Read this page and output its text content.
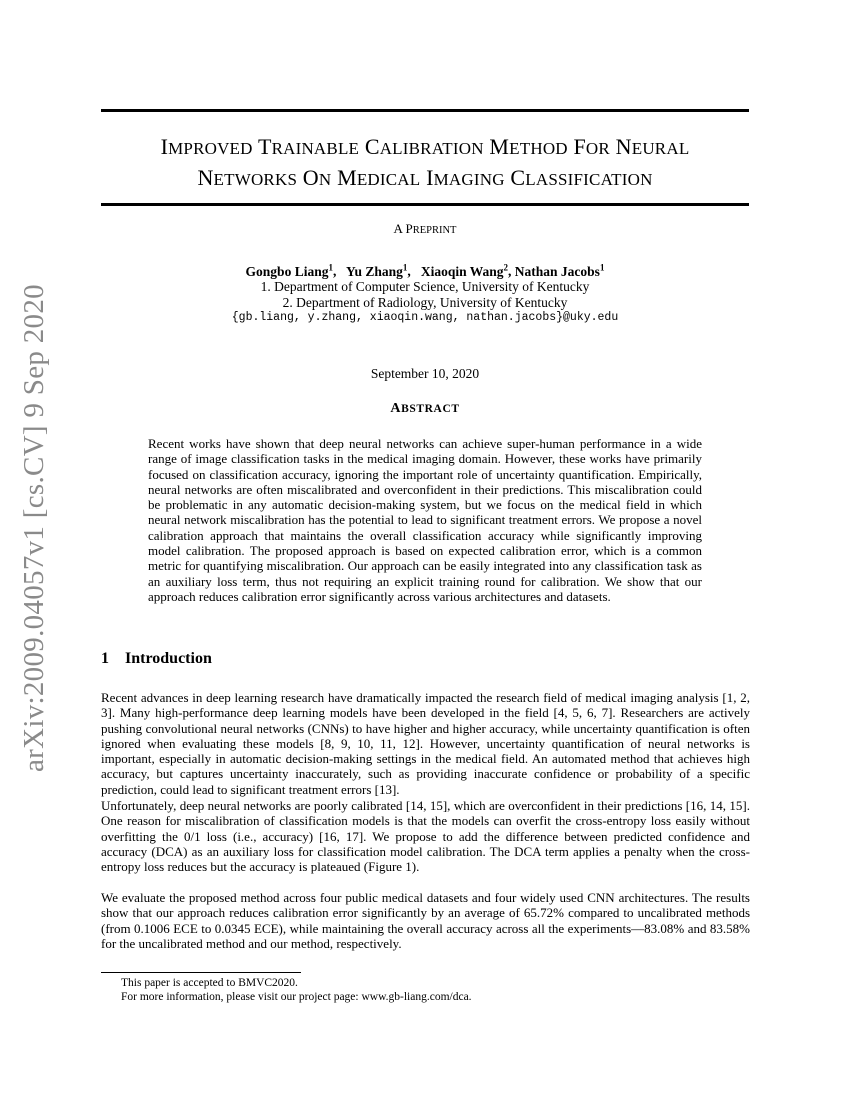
arXiv:2009.04057v1 [cs.CV] 9 Sep 2020
IMPROVED TRAINABLE CALIBRATION METHOD FOR NEURAL
NETWORKS ON MEDICAL IMAGING CLASSIFICATION
A PREPRINT
Gongbo Liang$^1$,   Yu Zhang$^1$,   Xiaoqin Wang$^2$, Nathan Jacobs$^1$
1. Department of Computer Science, University of Kentucky
2. Department of Radiology, University of Kentucky
{gb.liang, y.zhang, xiaoqin.wang, nathan.jacobs}@uky.edu
September 10, 2020
ABSTRACT
Recent works have shown that deep neural networks can achieve super-human performance in a wide range of image classification tasks in the medical imaging domain. However, these works have primarily focused on classification accuracy, ignoring the important role of uncertainty quantification. Empirically, neural networks are often miscalibrated and overconfident in their predictions. This miscalibration could be problematic in any automatic decision-making system, but we focus on the medical field in which neural network miscalibration has the potential to lead to significant treatment errors. We propose a novel calibration approach that maintains the overall classification accuracy while significantly improving model calibration. The proposed approach is based on expected calibration error, which is a common metric for quantifying miscalibration. Our approach can be easily integrated into any classification task as an auxiliary loss term, thus not requiring an explicit training round for calibration. We show that our approach reduces calibration error significantly across various architectures and datasets.
1 Introduction
Recent advances in deep learning research have dramatically impacted the research field of medical imaging analysis [1, 2, 3]. Many high-performance deep learning models have been developed in the field [4, 5, 6, 7]. Researchers are actively pushing convolutional neural networks (CNNs) to have higher and higher accuracy, while uncertainty quantification is often ignored when evaluating these models [8, 9, 10, 11, 12]. However, uncertainty quantification of neural networks is important, especially in automatic decision-making settings in the medical field. An automated method that achieves high accuracy, but captures uncertainty inaccurately, such as providing inaccurate confidence or probability of a specific prediction, could lead to significant treatment errors [13].
Unfortunately, deep neural networks are poorly calibrated [14, 15], which are overconfident in their predictions [16, 14, 15]. One reason for miscalibration of classification models is that the models can overfit the cross-entropy loss easily without overfitting the 0/1 loss (i.e., accuracy) [16, 17]. We propose to add the difference between predicted confidence and accuracy (DCA) as an auxiliary loss for classification model calibration. The DCA term applies a penalty when the cross-entropy loss reduces but the accuracy is plateaued (Figure 1).
We evaluate the proposed method across four public medical datasets and four widely used CNN architectures. The results show that our approach reduces calibration error significantly by an average of 65.72% compared to uncalibrated methods (from 0.1006 ECE to 0.0345 ECE), while maintaining the overall accuracy across all the experiments—83.08% and 83.58% for the uncalibrated method and our method, respectively.
This paper is accepted to BMVC2020.
For more information, please visit our project page: www.gb-liang.com/dca.
